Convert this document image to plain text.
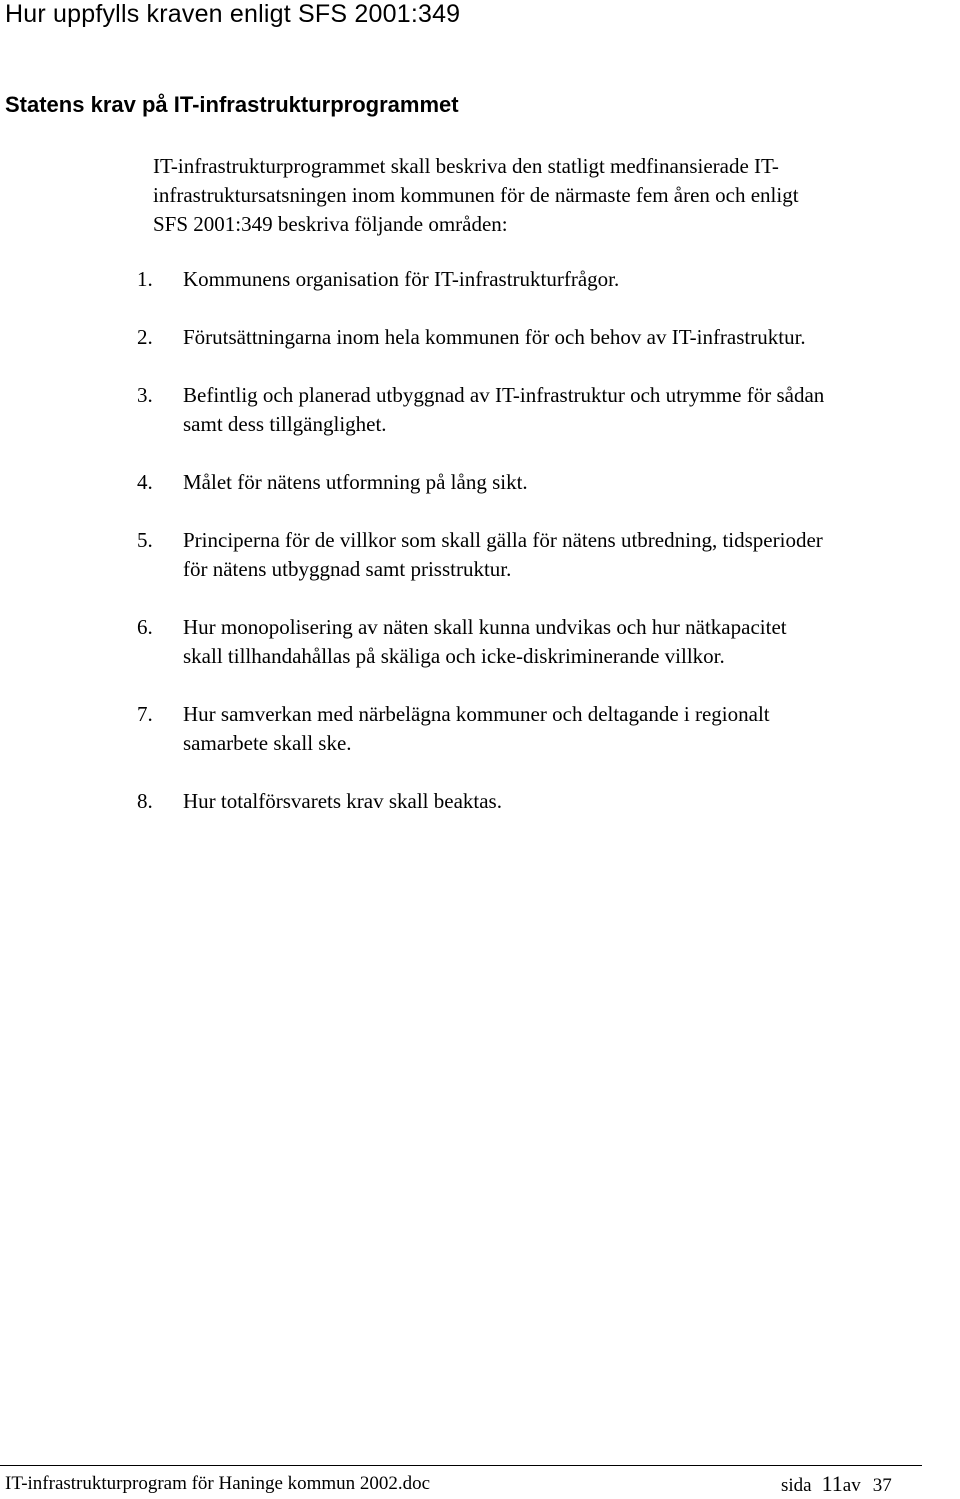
Hur uppfylls kraven enligt SFS 2001:349
Statens krav på IT-infrastrukturprogrammet
IT-infrastrukturprogrammet skall beskriva den statligt medfinansierade IT-
infrastruktursatsningen inom kommunen för de närmaste fem åren och enligt
SFS 2001:349 beskriva följande områden:
1.	Kommunens organisation för IT-infrastrukturfrågor.
2.	Förutsättningarna inom hela kommunen för och behov av IT-infrastruktur.
3.	Befintlig och planerad utbyggnad av IT-infrastruktur och utrymme för sådan
samt dess tillgänglighet.
4.	Målet för nätens utformning på lång sikt.
5.	Principerna för de villkor som skall gälla för nätens utbredning, tidsperioder
för nätens utbyggnad samt prisstruktur.
6.	Hur monopolisering av näten skall kunna undvikas och hur nätkapacitet
skall tillhandahållas på skäliga och icke-diskriminerande villkor.
7.	Hur samverkan med närbelägna kommuner och deltagande i regionalt
samarbete skall ske.
8.	Hur totalförsvarets krav skall beaktas.
IT-infrastrukturprogram för Haninge kommun 2002.doc	sida 11av 37
